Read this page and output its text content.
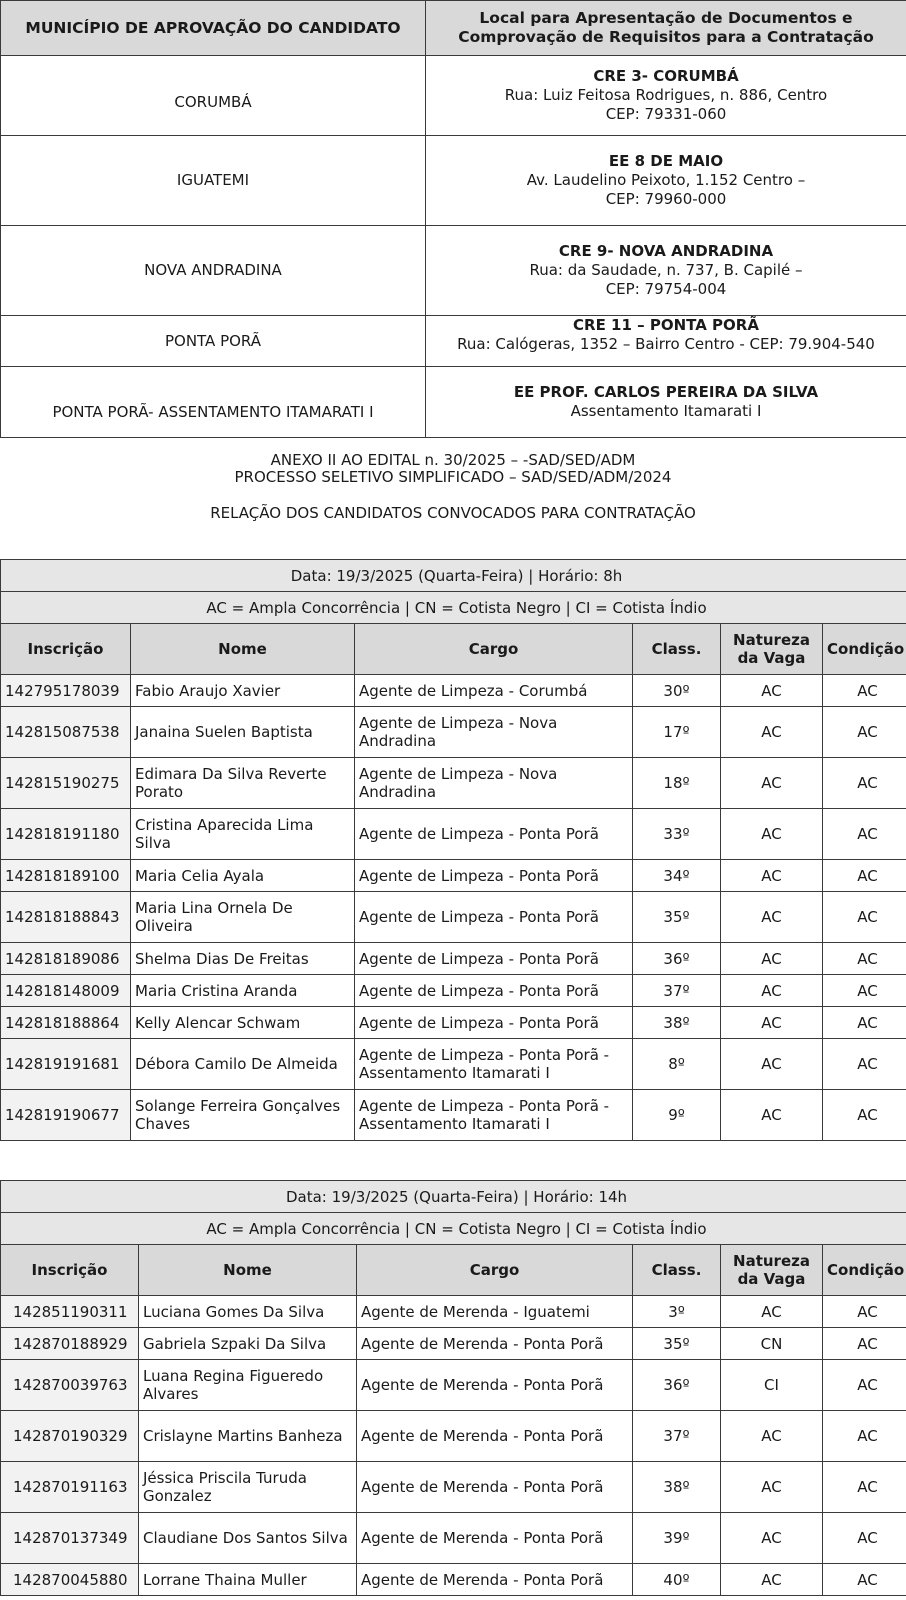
MUNICÍPIO DE APROVAÇÃO DO CANDIDATO	Local para Apresentação de Documentos e
Comprovação de Requisitos para a Contratação

CORUMBÁ	CRE 3- CORUMBÁ
Rua: Luiz Feitosa Rodrigues, n. 886, Centro
CEP: 79331-060

IGUATEMI	EE 8 DE MAIO
Av. Laudelino Peixoto, 1.152 Centro –
CEP: 79960-000

NOVA ANDRADINA	CRE 9- NOVA ANDRADINA
Rua: da Saudade, n. 737, B. Capilé –
CEP: 79754-004

PONTA PORÃ	CRE 11 – PONTA PORÃ
Rua: Calógeras, 1352 – Bairro Centro - CEP: 79.904-540

PONTA PORÃ- ASSENTAMENTO ITAMARATI I	EE PROF. CARLOS PEREIRA DA SILVA
Assentamento Itamarati I
ANEXO II AO EDITAL n. 30/2025 – -SAD/SED/ADM
PROCESSO SELETIVO SIMPLIFICADO – SAD/SED/ADM/2024
RELAÇÃO DOS CANDIDATOS CONVOCADOS PARA CONTRATAÇÃO
Data: 19/3/2025 (Quarta-Feira) | Horário: 8h					
AC = Ampla Concorrência | CN = Cotista Negro | CI = Cotista Índio					
Inscrição	Nome	Cargo	Class.	Natureza da Vaga	Condição
142795178039	Fabio Araujo Xavier	Agente de Limpeza - Corumbá	30º	AC	AC
142815087538	Janaina Suelen Baptista	Agente de Limpeza - Nova Andradina	17º	AC	AC
142815190275	Edimara Da Silva Reverte Porato	Agente de Limpeza - Nova Andradina	18º	AC	AC
142818191180	Cristina Aparecida Lima Silva	Agente de Limpeza - Ponta Porã	33º	AC	AC
142818189100	Maria Celia Ayala	Agente de Limpeza - Ponta Porã	34º	AC	AC
142818188843	Maria Lina Ornela De Oliveira	Agente de Limpeza - Ponta Porã	35º	AC	AC
142818189086	Shelma Dias De Freitas	Agente de Limpeza - Ponta Porã	36º	AC	AC
142818148009	Maria Cristina Aranda	Agente de Limpeza - Ponta Porã	37º	AC	AC
142818188864	Kelly Alencar Schwam	Agente de Limpeza - Ponta Porã	38º	AC	AC
142819191681	Débora Camilo De Almeida	Agente de Limpeza - Ponta Porã - Assentamento Itamarati I	8º	AC	AC
142819190677	Solange Ferreira Gonçalves Chaves	Agente de Limpeza - Ponta Porã - Assentamento Itamarati I	9º	AC	AC
Data: 19/3/2025 (Quarta-Feira) | Horário: 14h					
AC = Ampla Concorrência | CN = Cotista Negro | CI = Cotista Índio					
Inscrição	Nome	Cargo	Class.	Natureza da Vaga	Condição
142851190311	Luciana Gomes Da Silva	Agente de Merenda - Iguatemi	3º	AC	AC
142870188929	Gabriela Szpaki Da Silva	Agente de Merenda - Ponta Porã	35º	CN	AC
142870039763	Luana Regina Figueredo Alvares	Agente de Merenda - Ponta Porã	36º	CI	AC
142870190329	Crislayne Martins Banheza	Agente de Merenda - Ponta Porã	37º	AC	AC
142870191163	Jéssica Priscila Turuda Gonzalez	Agente de Merenda - Ponta Porã	38º	AC	AC
142870137349	Claudiane Dos Santos Silva	Agente de Merenda - Ponta Porã	39º	AC	AC
142870045880	Lorrane Thaina Muller	Agente de Merenda - Ponta Porã	40º	AC	AC
